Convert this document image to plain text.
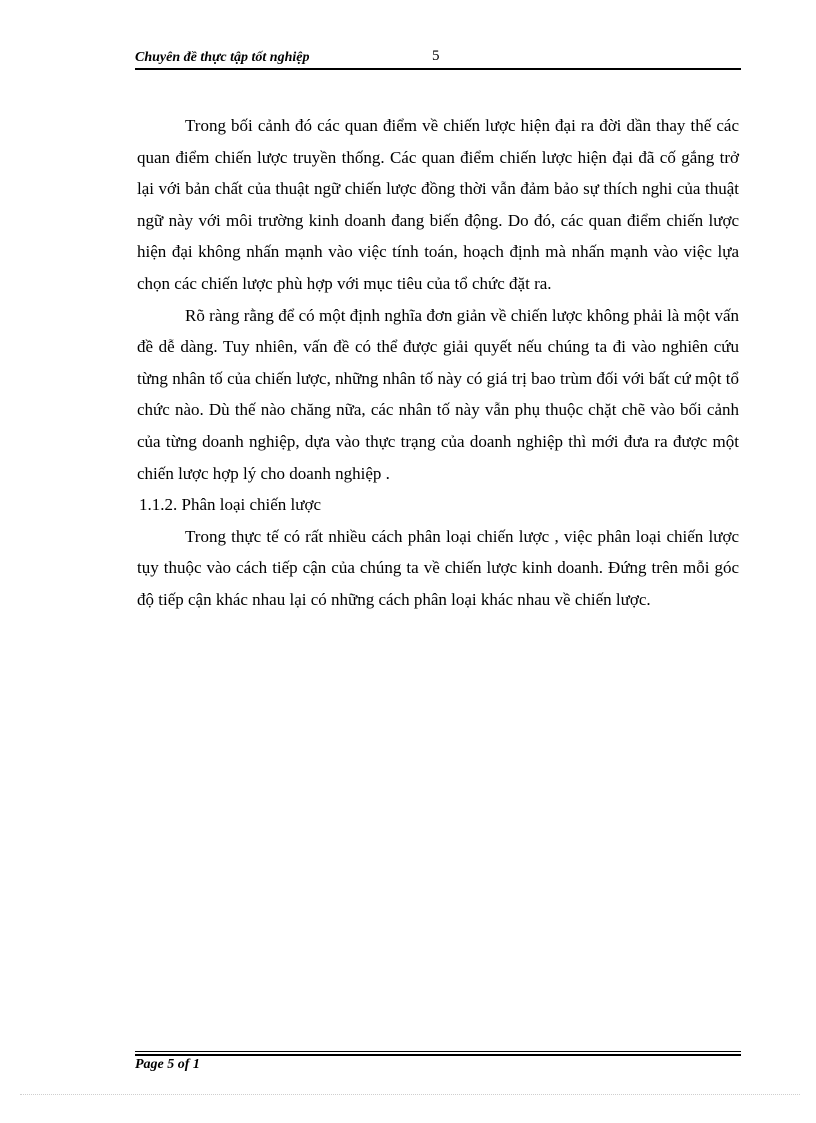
Chuyên đề thực tập tốt nghiệp	5

Trong bối cảnh đó các quan điểm về chiến lược hiện đại ra đời dần thay thế các quan điểm chiến lược truyền thống. Các quan điểm chiến lược hiện đại đã cố gắng trở lại với bản chất của thuật ngữ chiến lược đồng thời vẫn đảm bảo sự thích nghi của thuật ngữ này với môi trường kinh doanh đang biến động. Do đó, các quan điểm chiến lược hiện đại không nhấn mạnh vào việc tính toán, hoạch định mà nhấn mạnh vào việc lựa chọn các chiến lược phù hợp với mục tiêu của tổ chức đặt ra.

Rõ ràng rằng để có một định nghĩa đơn giản về chiến lược không phải là một vấn đề dễ dàng. Tuy nhiên, vấn đề có thể được giải quyết nếu chúng ta đi vào nghiên cứu từng nhân tố của chiến lược, những nhân tố này có giá trị bao trùm đối với bất cứ một tổ chức nào. Dù thế nào chăng nữa, các nhân tố này vẫn phụ thuộc chặt chẽ vào bối cảnh của từng doanh nghiệp, dựa vào thực trạng của doanh nghiệp thì mới đưa ra được một chiến lược hợp lý cho doanh nghiệp .

1.1.2. Phân loại chiến lược

Trong thực tế có rất nhiều cách phân loại chiến lược , việc phân loại chiến lược tụy thuộc vào cách tiếp cận của chúng ta về chiến lược kinh doanh. Đứng trên mỗi góc độ tiếp cận khác nhau lại có những cách phân loại khác nhau về chiến lược.

Page 5 of 1
